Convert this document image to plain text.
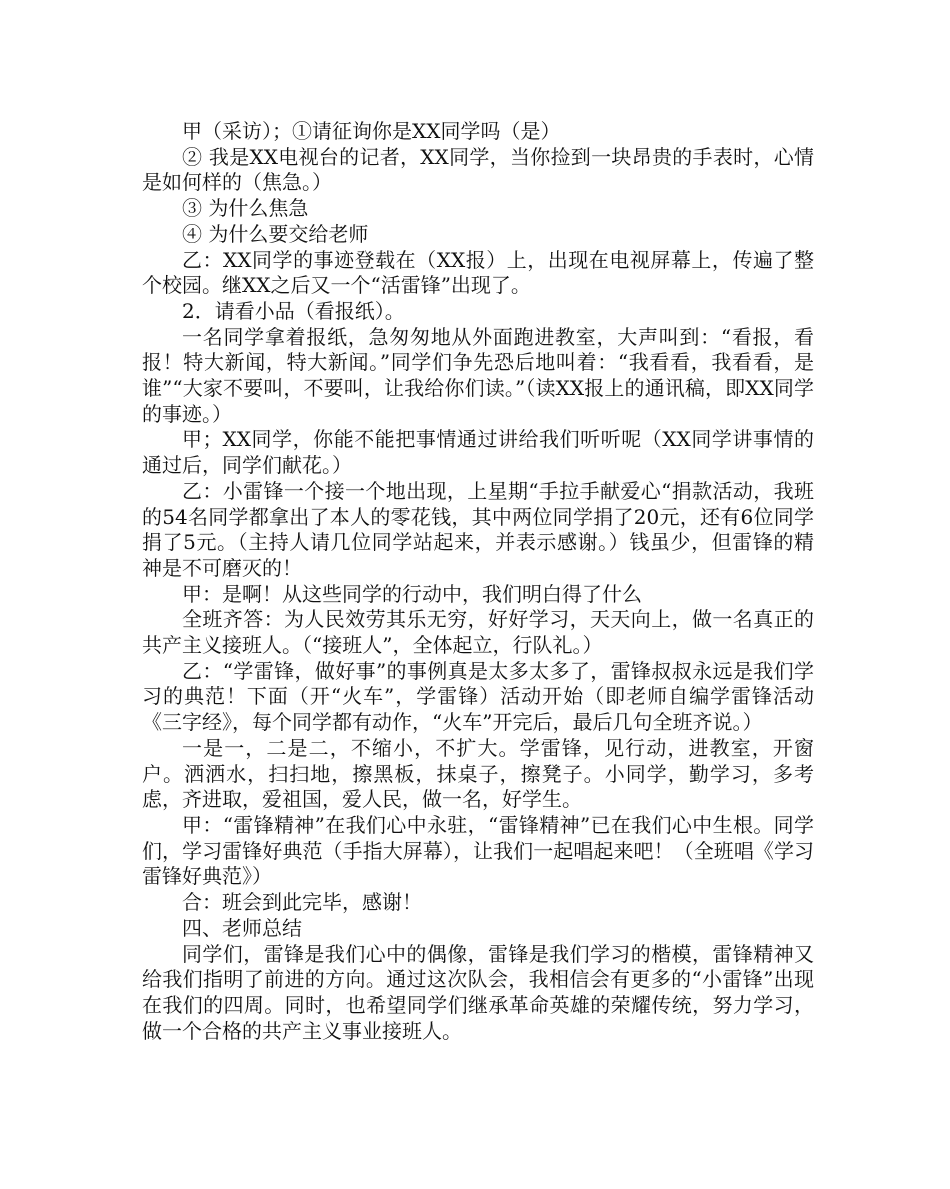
甲（采访）；①请征询你是XX同学吗（是）

② 我是XX电视台的记者，XX同学，当你捡到一块昂贵的手表时，心情是如何样的（焦急。）

③ 为什么焦急

④ 为什么要交给老师

乙：XX同学的事迹登载在（XX报）上，出现在电视屏幕上，传遍了整个校园。继XX之后又一个“活雷锋”出现了。

2．请看小品（看报纸）。

一名同学拿着报纸，急匆匆地从外面跑进教室，大声叫到：“看报，看报！特大新闻，特大新闻。”同学们争先恐后地叫着：“我看看，我看看，是谁”“大家不要叫，不要叫，让我给你们读。”（读XX报上的通讯稿，即XX同学的事迹。）

甲；XX同学，你能不能把事情通过讲给我们听听呢（XX同学讲事情的通过后，同学们献花。）

乙：小雷锋一个接一个地出现，上星期“手拉手献爱心“捐款活动，我班的54名同学都拿出了本人的零花钱，其中两位同学捐了20元，还有6位同学捐了5元。（主持人请几位同学站起来，并表示感谢。）钱虽少，但雷锋的精神是不可磨灭的！

甲：是啊！从这些同学的行动中，我们明白得了什么

全班齐答：为人民效劳其乐无穷，好好学习，天天向上，做一名真正的共产主义接班人。（“接班人”，全体起立，行队礼。）

乙：“学雷锋，做好事”的事例真是太多太多了，雷锋叔叔永远是我们学习的典范！下面（开“火车”，学雷锋）活动开始（即老师自编学雷锋活动《三字经》，每个同学都有动作，“火车”开完后，最后几句全班齐说。）

一是一，二是二，不缩小，不扩大。学雷锋，见行动，进教室，开窗户。洒洒水，扫扫地，擦黑板，抹桌子，擦凳子。小同学，勤学习，多考虑，齐进取，爱祖国，爱人民，做一名，好学生。

甲：“雷锋精神”在我们心中永驻，“雷锋精神”已在我们心中生根。同学们，学习雷锋好典范（手指大屏幕），让我们一起唱起来吧！（全班唱《学习雷锋好典范》）

合：班会到此完毕，感谢！

四、老师总结

同学们，雷锋是我们心中的偶像，雷锋是我们学习的楷模，雷锋精神又给我们指明了前进的方向。通过这次队会，我相信会有更多的“小雷锋”出现在我们的四周。同时，也希望同学们继承革命英雄的荣耀传统，努力学习，做一个合格的共产主义事业接班人。
